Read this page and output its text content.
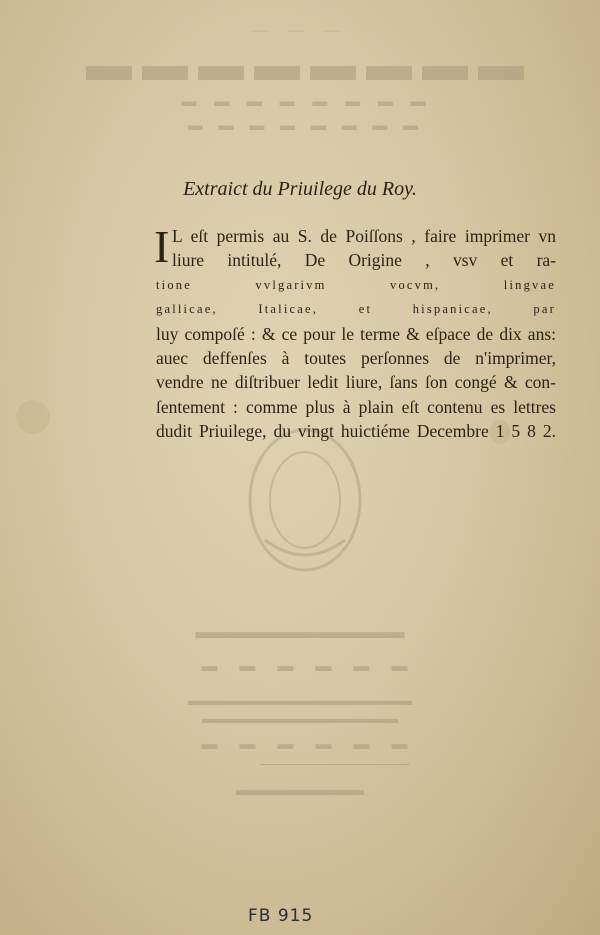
— — —
▬▬▬▬▬▬▬▬
▬ ▬ ▬ ▬ ▬ ▬ ▬ ▬
▬ ▬ ▬ ▬ ▬ ▬ ▬ ▬
Extraict du Priuilege du Roy.
I L eſt permis au S. de Poiſſons , faire imprimer vn
liure intitulé, De Origine , vsv et ra-
tione vvlgarivm vocvm, lingvae
gallicae, Italicae, et hispanicae, par
luy compoſé : & ce pour le terme & eſpace de dix ans:
auec deffenſes à toutes perſonnes de n'imprimer,
vendre ne diſtribuer ledit liure, ſans ſon congé & con-
ſentement : comme plus à plain eſt contenu es lettres
dudit Priuilege, du vingt huictiéme Decembre 1 5 8 2.
▬▬▬▬▬▬▬▬▬▬▬
▬ ▬ ▬ ▬ ▬ ▬
▬▬▬▬▬▬▬▬▬▬▬▬▬▬▬▬
▬▬▬▬▬▬▬▬▬▬▬▬▬▬
▬ ▬ ▬ ▬ ▬ ▬
▬▬▬▬▬▬▬▬
FB 915
